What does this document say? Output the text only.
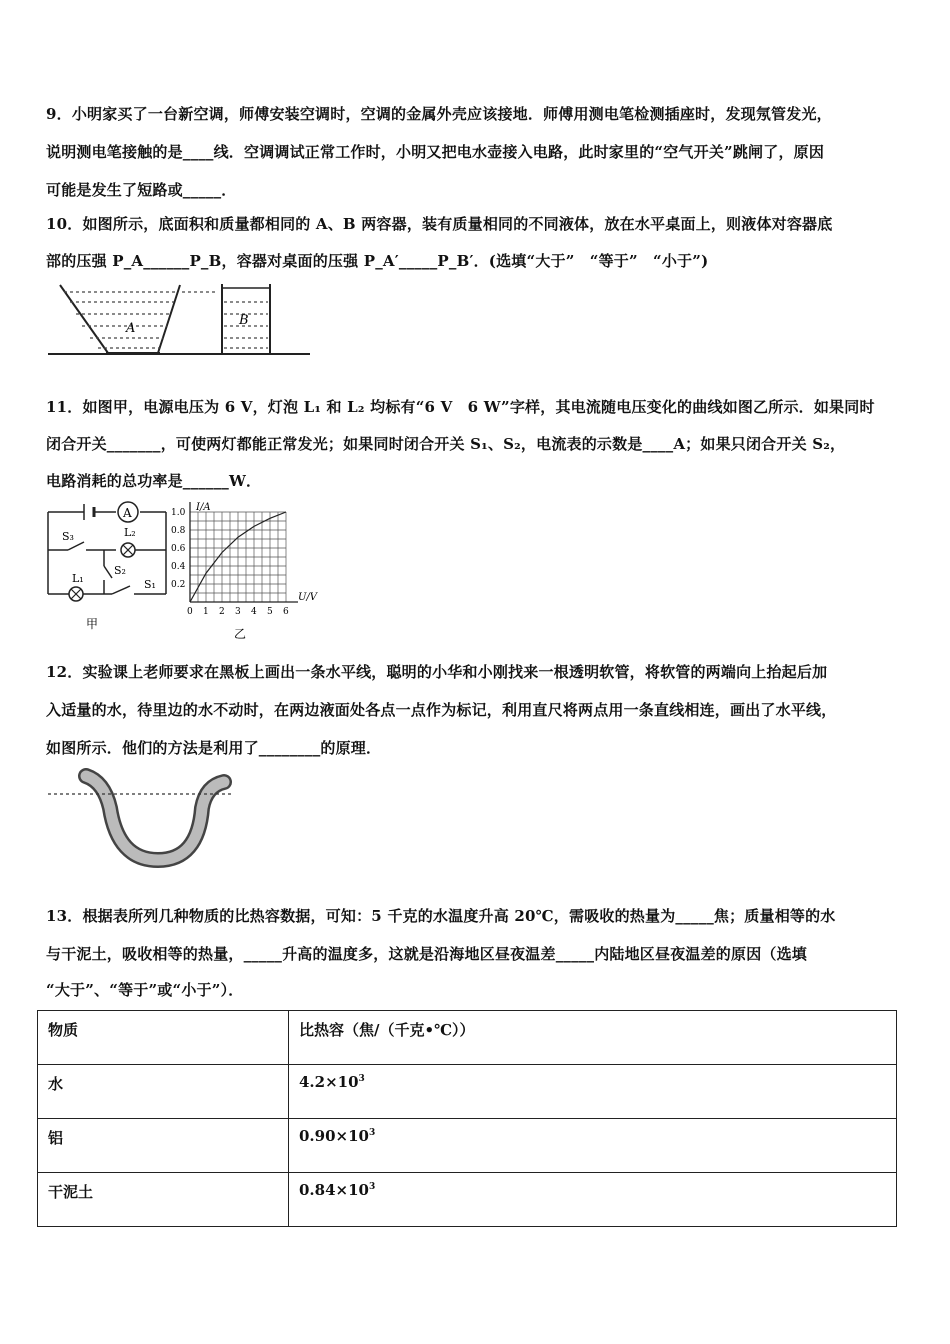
9．小明家买了一台新空调，师傅安装空调时，空调的金属外壳应该接地．师傅用测电笔检测插座时，发现氖管发光，
说明测电笔接触的是____线．空调调试正常工作时，小明又把电水壶接入电路，此时家里的“空气开关”跳闸了，原因
可能是发生了短路或_____．
10．如图所示，底面积和质量都相同的 A、B 两容器，装有质量相同的不同液体，放在水平桌面上，则液体对容器底
部的压强 P_A______P_B，容器对桌面的压强 P_A′_____P_B′．(选填“大于”　“等于”　“小于”)
A
B
11．如图甲，电源电压为 6 V，灯泡 L₁ 和 L₂ 均标有“6 V　6 W”字样，其电流随电压变化的曲线如图乙所示．如果同时
闭合开关_______，可使两灯都能正常发光；如果同时闭合开关 S₁、S₂，电流表的示数是____A；如果只闭合开关 S₂，
电路消耗的总功率是______W．
A
S₃	L₂
S₂
L₁	S₁
甲
0 1 2 3 4 5 6
1.0
0.8
0.6
0.4
0.2
I/A
U/V
乙
12．实验课上老师要求在黑板上画出一条水平线，聪明的小华和小刚找来一根透明软管，将软管的两端向上抬起后加
入适量的水，待里边的水不动时，在两边液面处各点一点作为标记，利用直尺将两点用一条直线相连，画出了水平线，
如图所示．他们的方法是利用了________的原理．
13．根据表所列几种物质的比热容数据，可知：5 千克的水温度升高 20℃，需吸收的热量为_____焦；质量相等的水
与干泥土，吸收相等的热量，_____升高的温度多，这就是沿海地区昼夜温差_____内陆地区昼夜温差的原因（选填
“大于”、“等于”或“小于”）．
物质	比热容（焦/（千克•℃））
水	$4.2\times 10^3$
铝	$0.90\times 10^3$
干泥土	$0.84\times 10^3$
